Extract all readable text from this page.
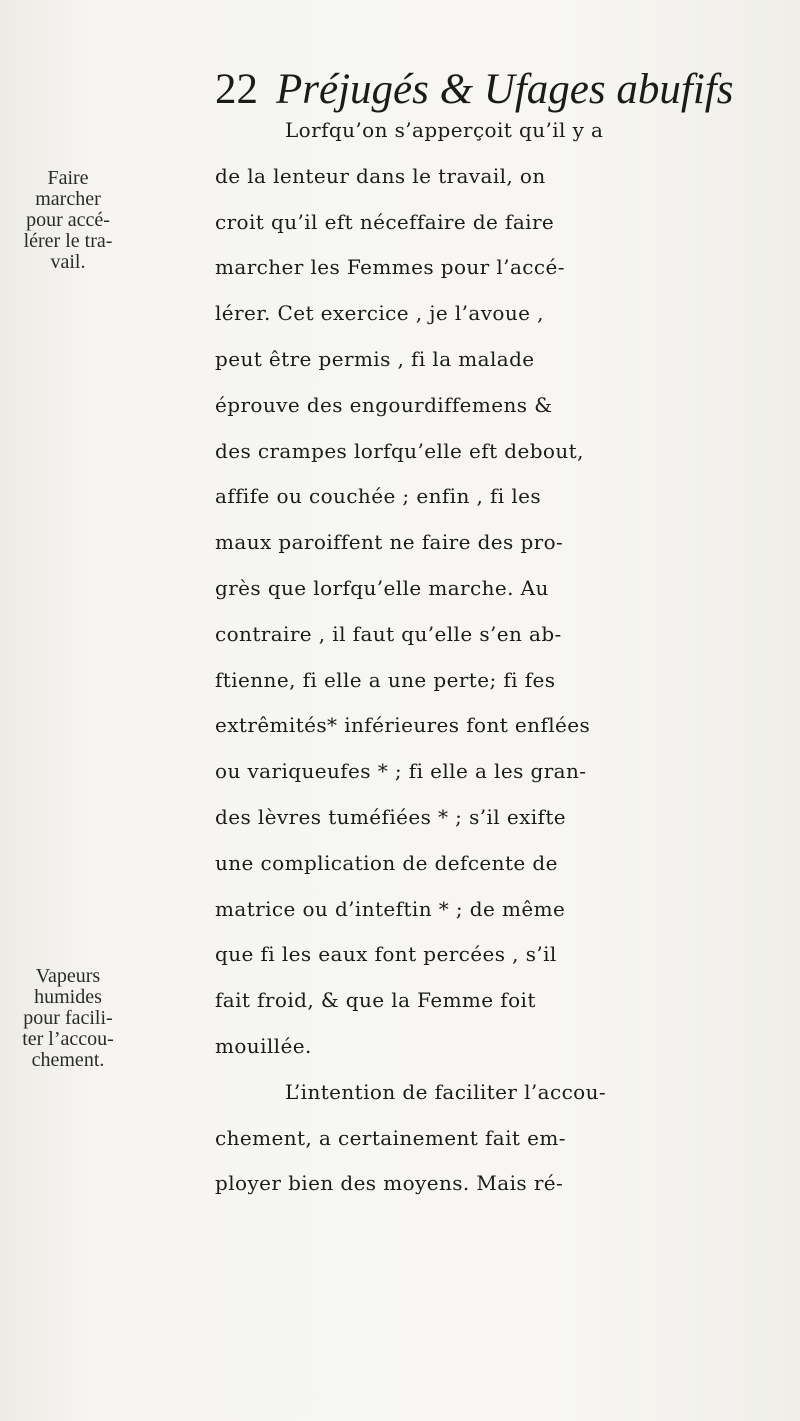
22 Préjugés & Ufages abufifs
Faire
marcher
pour accé-
lérer le tra-
vail.
Vapeurs
humides
pour facili-
ter l’accou-
chement.
Lorfqu’on s’apperçoit qu’il y a
de la lenteur dans le travail, on
croit qu’il eft néceffaire de faire
marcher les Femmes pour l’accé-
lérer. Cet exercice , je l’avoue ,
peut être permis , fi la malade
éprouve des engourdiffemens &
des crampes lorfqu’elle eft debout,
affife ou couchée ; enfin , fi les
maux paroiffent ne faire des pro-
grès que lorfqu’elle marche. Au
contraire , il faut qu’elle s’en ab-
ftienne, fi elle a une perte; fi fes
extrêmités* inférieures font enflées
ou variqueufes * ; fi elle a les gran-
des lèvres tuméfiées * ; s’il exifte
une complication de defcente de
matrice ou d’inteftin * ; de même
que fi les eaux font percées , s’il
fait froid, & que la Femme foit
mouillée.
L’intention de faciliter l’accou-
chement, a certainement fait em-
ployer bien des moyens. Mais ré-
